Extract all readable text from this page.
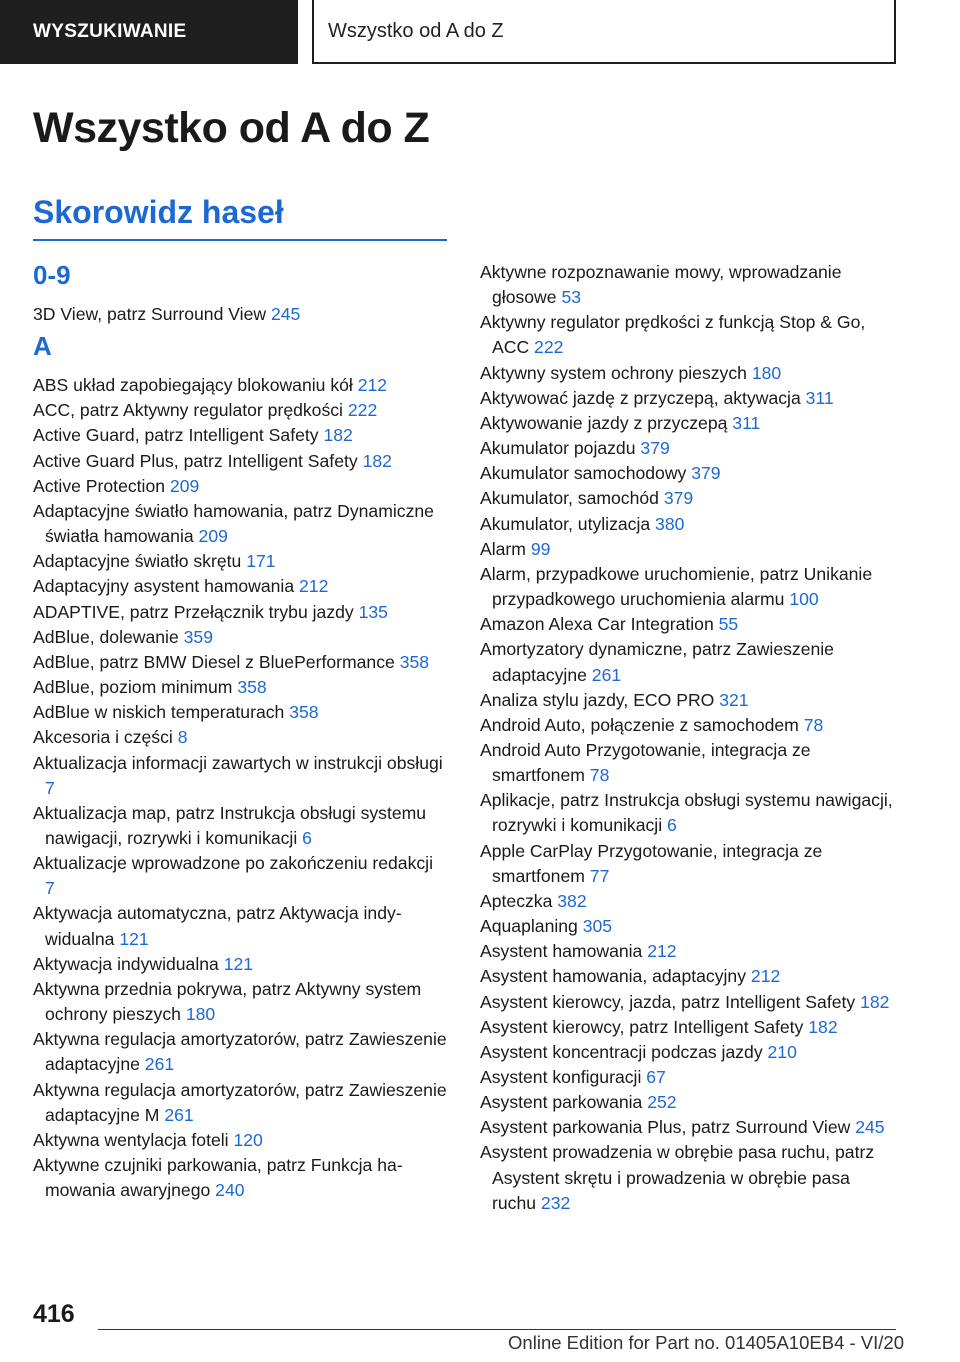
WYSZUKIWANIE	Wszystko od A do Z
Wszystko od A do Z
Skorowidz haseł
0-9
3D View, patrz Surround View 245
A
ABS układ zapobiegający blokowaniu kół 212
ACC, patrz Aktywny regulator prędkości 222
Active Guard, patrz Intelligent Safety 182
Active Guard Plus, patrz Intelligent Safety 182
Active Protection 209
Adaptacyjne światło hamowania, patrz Dynamiczne światła hamowania 209
Adaptacyjne światło skrętu 171
Adaptacyjny asystent hamowania 212
ADAPTIVE, patrz Przełącznik trybu jazdy 135
AdBlue, dolewanie 359
AdBlue, patrz BMW Diesel z BluePerformance 358
AdBlue, poziom minimum 358
AdBlue w niskich temperaturach 358
Akcesoria i części 8
Aktualizacja informacji zawartych w instrukcji obsługi 7
Aktualizacja map, patrz Instrukcja obsługi systemu nawigacji, rozrywki i komunikacji 6
Aktualizacje wprowadzone po zakończeniu redakcji 7
Aktywacja automatyczna, patrz Aktywacja indywidualna 121
Aktywacja indywidualna 121
Aktywna przednia pokrywa, patrz Aktywny system ochrony pieszych 180
Aktywna regulacja amortyzatorów, patrz Zawieszenie adaptacyjne 261
Aktywna regulacja amortyzatorów, patrz Zawieszenie adaptacyjne M 261
Aktywna wentylacja foteli 120
Aktywne czujniki parkowania, patrz Funkcja hamowania awaryjnego 240
Aktywne rozpoznawanie mowy, wprowadzanie głosowe 53
Aktywny regulator prędkości z funkcją Stop & Go, ACC 222
Aktywny system ochrony pieszych 180
Aktywować jazdę z przyczepą, aktywacja 311
Aktywowanie jazdy z przyczepą 311
Akumulator pojazdu 379
Akumulator samochodowy 379
Akumulator, samochód 379
Akumulator, utylizacja 380
Alarm 99
Alarm, przypadkowe uruchomienie, patrz Unikanie przypadkowego uruchomienia alarmu 100
Amazon Alexa Car Integration 55
Amortyzatory dynamiczne, patrz Zawieszenie adaptacyjne 261
Analiza stylu jazdy, ECO PRO 321
Android Auto, połączenie z samochodem 78
Android Auto Przygotowanie, integracja ze smartfonem 78
Aplikacje, patrz Instrukcja obsługi systemu nawigacji, rozrywki i komunikacji 6
Apple CarPlay Przygotowanie, integracja ze smartfonem 77
Apteczka 382
Aquaplaning 305
Asystent hamowania 212
Asystent hamowania, adaptacyjny 212
Asystent kierowcy, jazda, patrz Intelligent Safety 182
Asystent kierowcy, patrz Intelligent Safety 182
Asystent koncentracji podczas jazdy 210
Asystent konfiguracji 67
Asystent parkowania 252
Asystent parkowania Plus, patrz Surround View 245
Asystent prowadzenia w obrębie pasa ruchu, patrz Asystent skrętu i prowadzenia w obrębie pasa ruchu 232
416
Online Edition for Part no. 01405A10EB4 - VI/20
